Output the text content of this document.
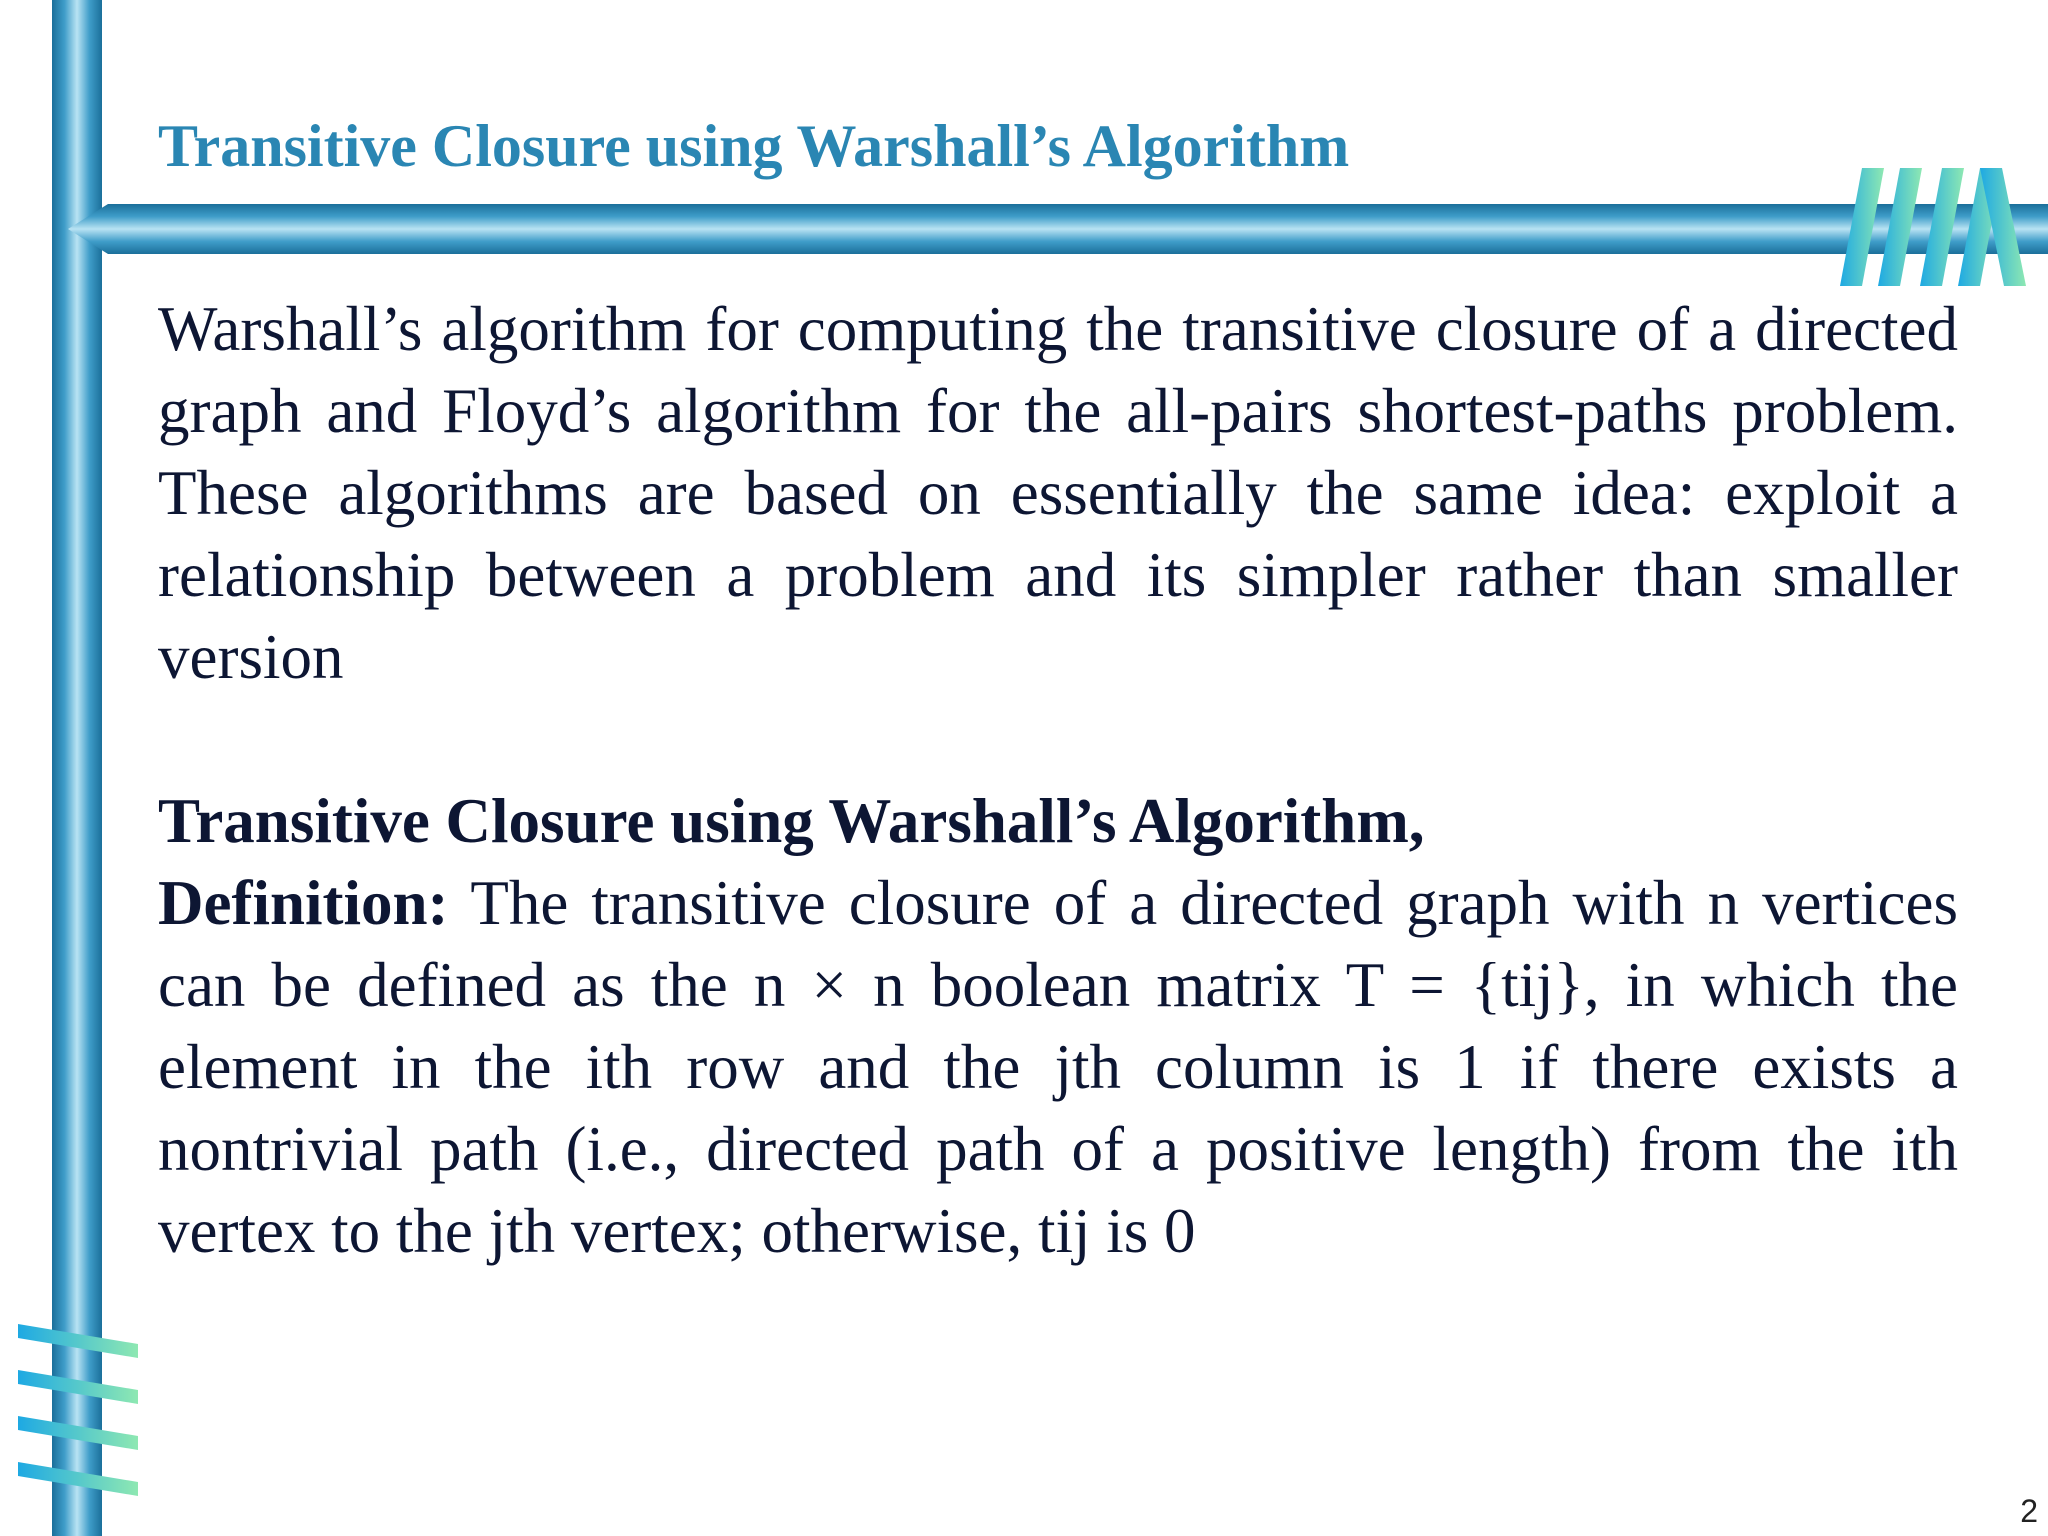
Transitive Closure using Warshall’s Algorithm

Warshall’s algorithm for computing the transitive closure of a directed graph and Floyd’s algorithm for the all-pairs shortest-paths problem. These algorithms are based on essentially the same idea: exploit a relationship between a problem and its simpler rather than smaller version

Transitive Closure using Warshall’s Algorithm,
Definition: The transitive closure of a directed graph with n vertices can be defined as the n × n boolean matrix T = {tij}, in which the element in the ith row and the jth column is 1 if there exists a nontrivial path (i.e., directed path of a positive length) from the ith vertex to the jth vertex; otherwise, tij is 0
2
